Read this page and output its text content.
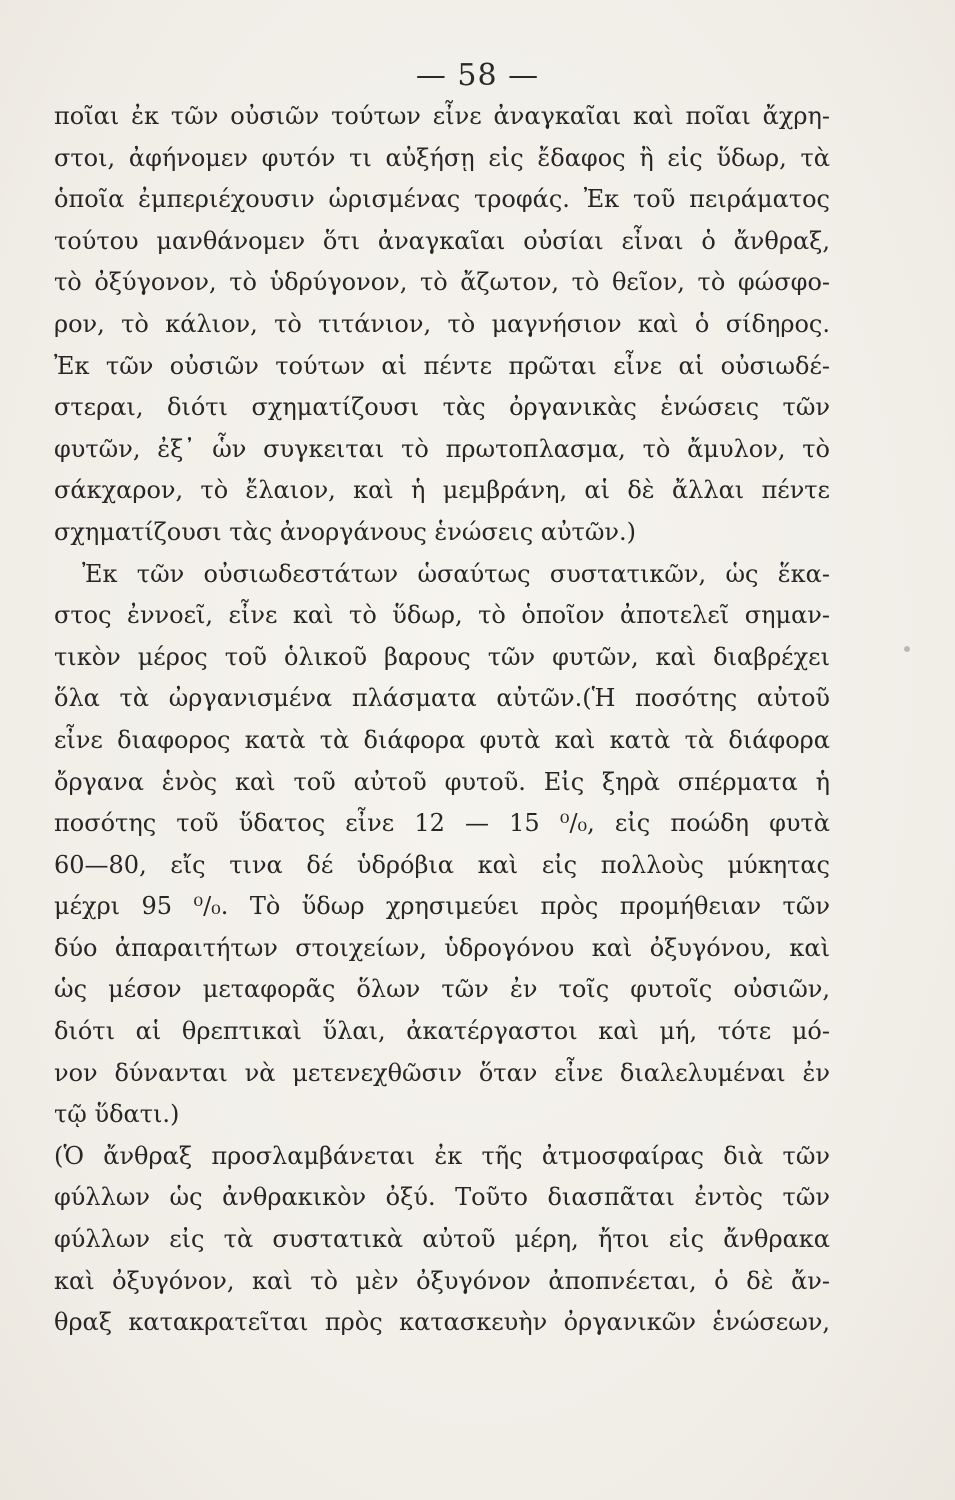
— 58 —
ποῖαι ἐκ τῶν οὐσιῶν τούτων εἶνε ἀναγκαῖαι καὶ ποῖαι ἄχρη-
στοι, ἀφήνομεν φυτόν τι αὐξήσῃ εἰς ἔδαφος ἢ εἰς ὕδωρ, τὰ
ὁποῖα ἐμπεριέχουσιν ὡρισμένας τροφάς. Ἐκ τοῦ πειράματος
τούτου μανθάνομεν ὅτι ἀναγκαῖαι οὐσίαι εἶναι ὁ ἄνθραξ,
τὸ ὀξύγονον, τὸ ὑδρύγονον, τὸ ἄζωτον, τὸ θεῖον, τὸ φώσφο-
ρον, τὸ κάλιον, τὸ τιτάνιον, τὸ μαγνήσιον καὶ ὁ σίδηρος.
Ἐκ τῶν οὐσιῶν τούτων αἱ πέντε πρῶται εἶνε αἱ οὐσιωδέ-
στεραι, διότι σχηματίζουσι τὰς ὀργανικὰς ἑνώσεις τῶν
φυτῶν, ἐξ᾽ ὧν συγκειται τὸ πρωτοπλασμα, τὸ ἄμυλον, τὸ
σάκχαρον, τὸ ἔλαιον, καὶ ἡ μεμβράνη, αἱ δὲ ἄλλαι πέντε
σχηματίζουσι τὰς ἀνοργάνους ἑνώσεις αὐτῶν.)
Ἐκ τῶν οὐσιωδεστάτων ὡσαύτως συστατικῶν, ὡς ἕκα-
στος ἐννοεῖ, εἶνε καὶ τὸ ὕδωρ, τὸ ὁποῖον ἀποτελεῖ σημαν-
τικὸν μέρος τοῦ ὁλικοῦ βαρους τῶν φυτῶν, καὶ διαβρέχει
ὅλα τὰ ὠργανισμένα πλάσματα αὐτῶν.(Ἡ ποσότης αὐτοῦ
εἶνε διαφορος κατὰ τὰ διάφορα φυτὰ καὶ κατὰ τὰ διάφορα
ὄργανα ἑνὸς καὶ τοῦ αὐτοῦ φυτοῦ. Εἰς ξηρὰ σπέρματα ἡ
ποσότης τοῦ ὕδατος εἶνε 12 — 15 ⁰/₀, εἰς ποώδη φυτὰ
60—80, εἴς τινα δέ ὑδρόβια καὶ εἰς πολλοὺς μύκητας
μέχρι 95 ⁰/₀. Τὸ ὕδωρ χρησιμεύει πρὸς προμήθειαν τῶν
δύο ἀπαραιτήτων στοιχείων, ὑδρογόνου καὶ ὀξυγόνου, καὶ
ὡς μέσον μεταφορᾶς ὅλων τῶν ἐν τοῖς φυτοῖς οὐσιῶν,
διότι αἱ θρεπτικαὶ ὕλαι, ἀκατέργαστοι καὶ μή, τότε μό-
νον δύνανται νὰ μετενεχθῶσιν ὅταν εἶνε διαλελυμέναι ἐν
τῷ ὕδατι.)
(Ὁ ἄνθραξ προσλαμβάνεται ἐκ τῆς ἀτμοσφαίρας διὰ τῶν
φύλλων ὡς ἀνθρακικὸν ὀξύ. Τοῦτο διασπᾶται ἐντὸς τῶν
φύλλων εἰς τὰ συστατικὰ αὐτοῦ μέρη, ἤτοι εἰς ἄνθρακα
καὶ ὀξυγόνον, καὶ τὸ μὲν ὀξυγόνον ἀποπνέεται, ὁ δὲ ἄν-
θραξ κατακρατεῖται πρὸς κατασκευὴν ὀργανικῶν ἑνώσεων,
